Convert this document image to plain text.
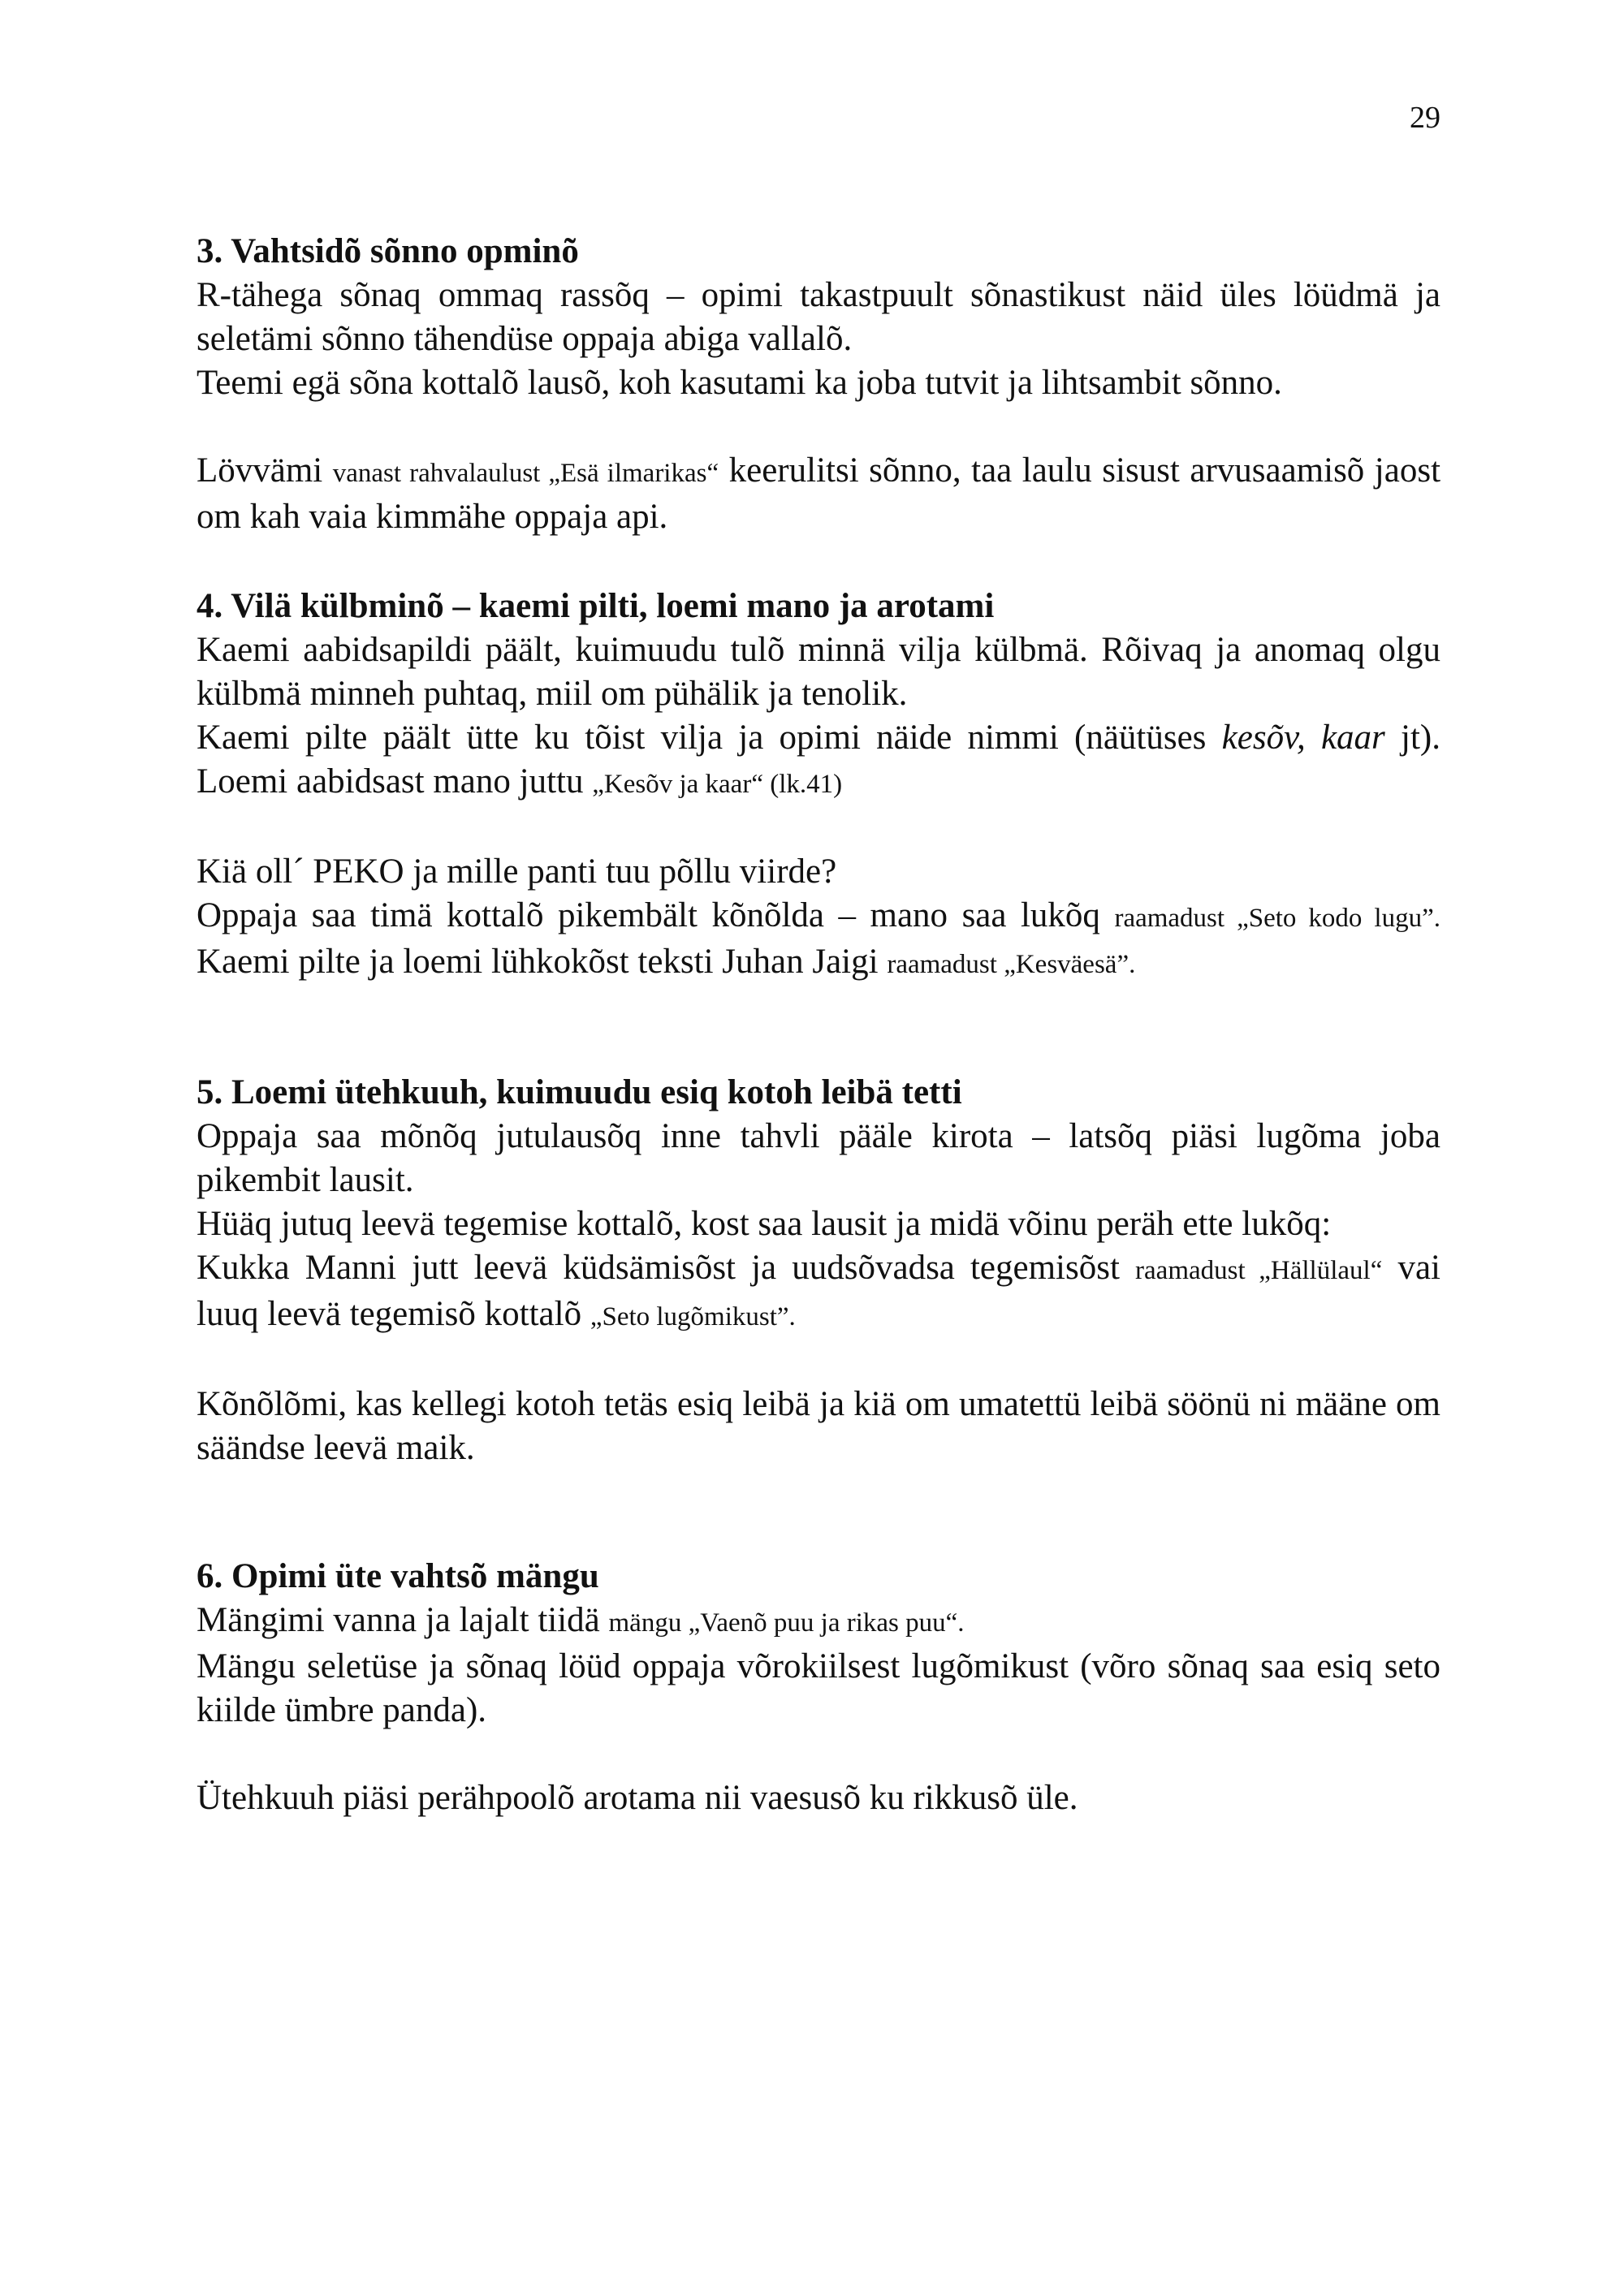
29

3. Vahtsidõ sõnno opminõ

R-tähega sõnaq ommaq rassõq – opimi takastpuult sõnastikust näid üles löüdmä ja seletämi sõnno tähendüse oppaja abiga vallalõ.

Teemi egä sõna kottalõ lausõ, koh kasutami ka joba tutvit ja lihtsambit sõnno.

Lövvämi vanast rahvalaulust „Esä ilmarikas“ keerulitsi sõnno, taa laulu sisust arvusaamisõ jaost om kah vaia kimmähe oppaja api.

4. Vilä külbminõ – kaemi pilti, loemi mano ja arotami

Kaemi aabidsapildi päält, kuimuudu tulõ minnä vilja külbmä. Rõivaq ja anomaq olgu külbmä minneh puhtaq, miil om pühälik ja tenolik.

Kaemi pilte päält ütte ku tõist vilja ja opimi näide nimmi (näütüses kesõv, kaar jt). Loemi aabidsast mano juttu „Kesõv ja kaar“ (lk.41)

Kiä oll´ PEKO ja mille panti tuu põllu viirde?

Oppaja saa timä kottalõ pikembält kõnõlda – mano saa lukõq raamadust „Seto kodo lugu”. Kaemi pilte ja loemi lühkokõst teksti Juhan Jaigi raamadust „Kesväesä”.

5. Loemi ütehkuuh, kuimuudu esiq kotoh leibä tetti

Oppaja saa mõnõq jutulausõq inne tahvli pääle kirota – latsõq piäsi lugõma joba pikembit lausit.

Hüäq jutuq leevä tegemise kottalõ, kost saa lausit ja midä võinu peräh ette lukõq:

Kukka Manni jutt leevä küdsämisõst ja uudsõvadsa tegemisõst raamadust „Hällülaul“ vai luuq leevä tegemisõ kottalõ „Seto lugõmikust”.

Kõnõlõmi, kas kellegi kotoh tetäs esiq leibä ja kiä om umatettü leibä söönü ni määne om säändse leevä maik.

6. Opimi üte vahtsõ mängu

Mängimi vanna ja lajalt tiidä mängu „Vaenõ puu ja rikas puu“.

Mängu seletüse ja sõnaq löüd oppaja võrokiilsest lugõmikust (võro sõnaq saa esiq seto kiilde ümbre panda).

Ütehkuuh piäsi perähpoolõ arotama nii vaesusõ ku rikkusõ üle.
